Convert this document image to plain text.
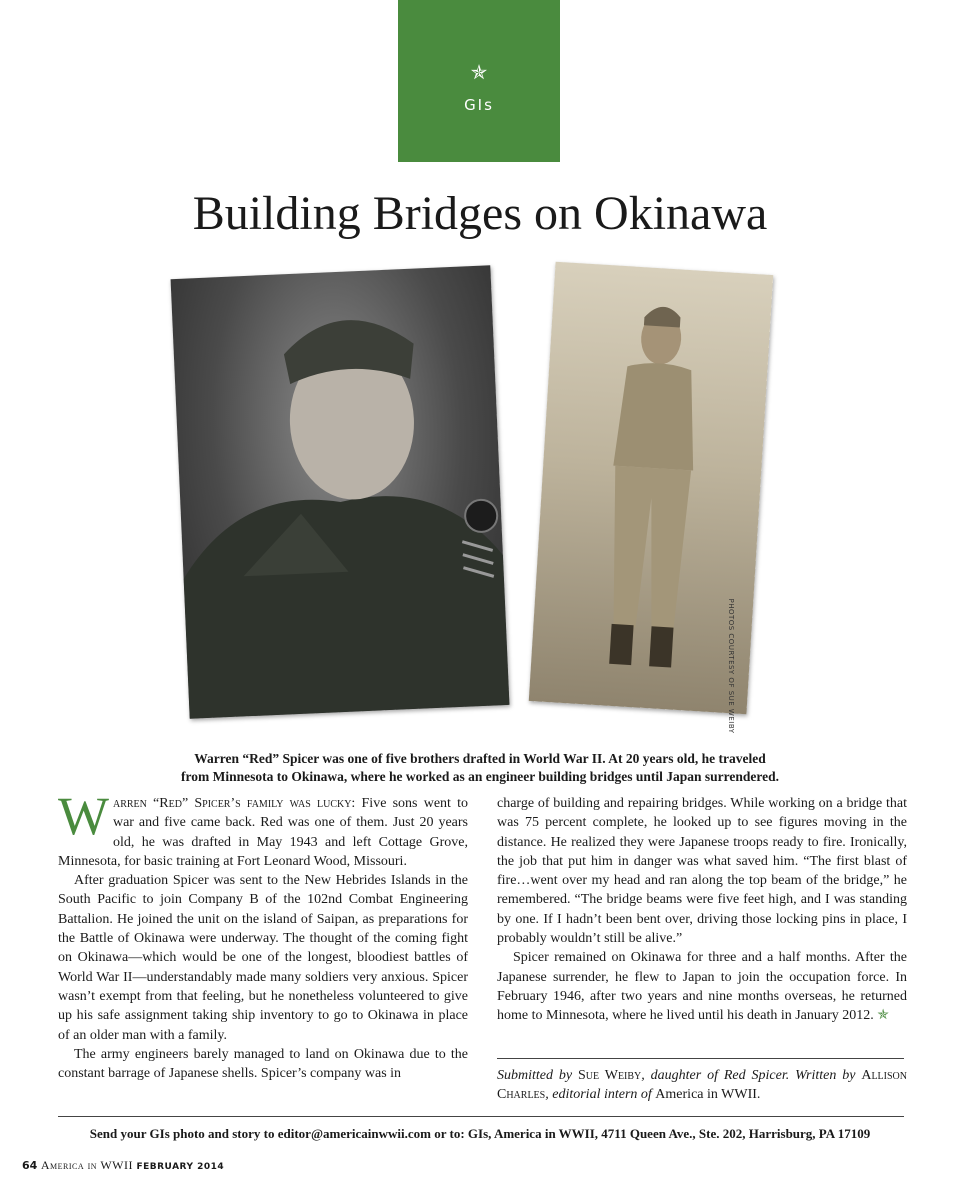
✯
GIs
Building Bridges on Okinawa
PHOTOS COURTESY OF SUE WEIBY
Warren “Red” Spicer was one of five brothers drafted in World War II. At 20 years old, he traveled
from Minnesota to Okinawa, where he worked as an engineer building bridges until Japan surrendered.

Warren “Red” Spicer’s family was lucky: Five sons went to war and five came back. Red was one of them. Just 20 years old, he was drafted in May 1943 and left Cottage Grove, Minnesota, for basic training at Fort Leonard Wood, Missouri.

After graduation Spicer was sent to the New Hebrides Islands in the South Pacific to join Company B of the 102nd Combat Engineering Battalion. He joined the unit on the island of Saipan, as preparations for the Battle of Okinawa were underway. The thought of the coming fight on Okinawa—which would be one of the longest, bloodiest battles of World War II—understandably made many soldiers very anxious. Spicer wasn’t exempt from that feeling, but he nonetheless volunteered to give up his safe assignment taking ship inventory to go to Okinawa in place of an older man with a family.

The army engineers barely managed to land on Okinawa due to the constant barrage of Japanese shells. Spicer’s company was in

charge of building and repairing bridges. While working on a bridge that was 75 percent complete, he looked up to see figures moving in the distance. He realized they were Japanese troops ready to fire. Ironically, the job that put him in danger was what saved him. “The first blast of fire…went over my head and ran along the top beam of the bridge,” he remembered. “The bridge beams were five feet high, and I was standing by one. If I hadn’t been bent over, driving those locking pins in place, I probably wouldn’t still be alive.”

Spicer remained on Okinawa for three and a half months. After the Japanese surrender, he flew to Japan to join the occupation force. In February 1946, after two years and nine months overseas, he returned home to Minnesota, where he lived until his death in January 2012. ✯

Submitted by Sue Weiby, daughter of Red Spicer. Written by Allison Charles, editorial intern of America in WWII.
Send your GIs photo and story to editor@americainwwii.com or to: GIs, America in WWII, 4711 Queen Ave., Ste. 202, Harrisburg, PA 17109
64 America in WWII FEBRUARY 2014
